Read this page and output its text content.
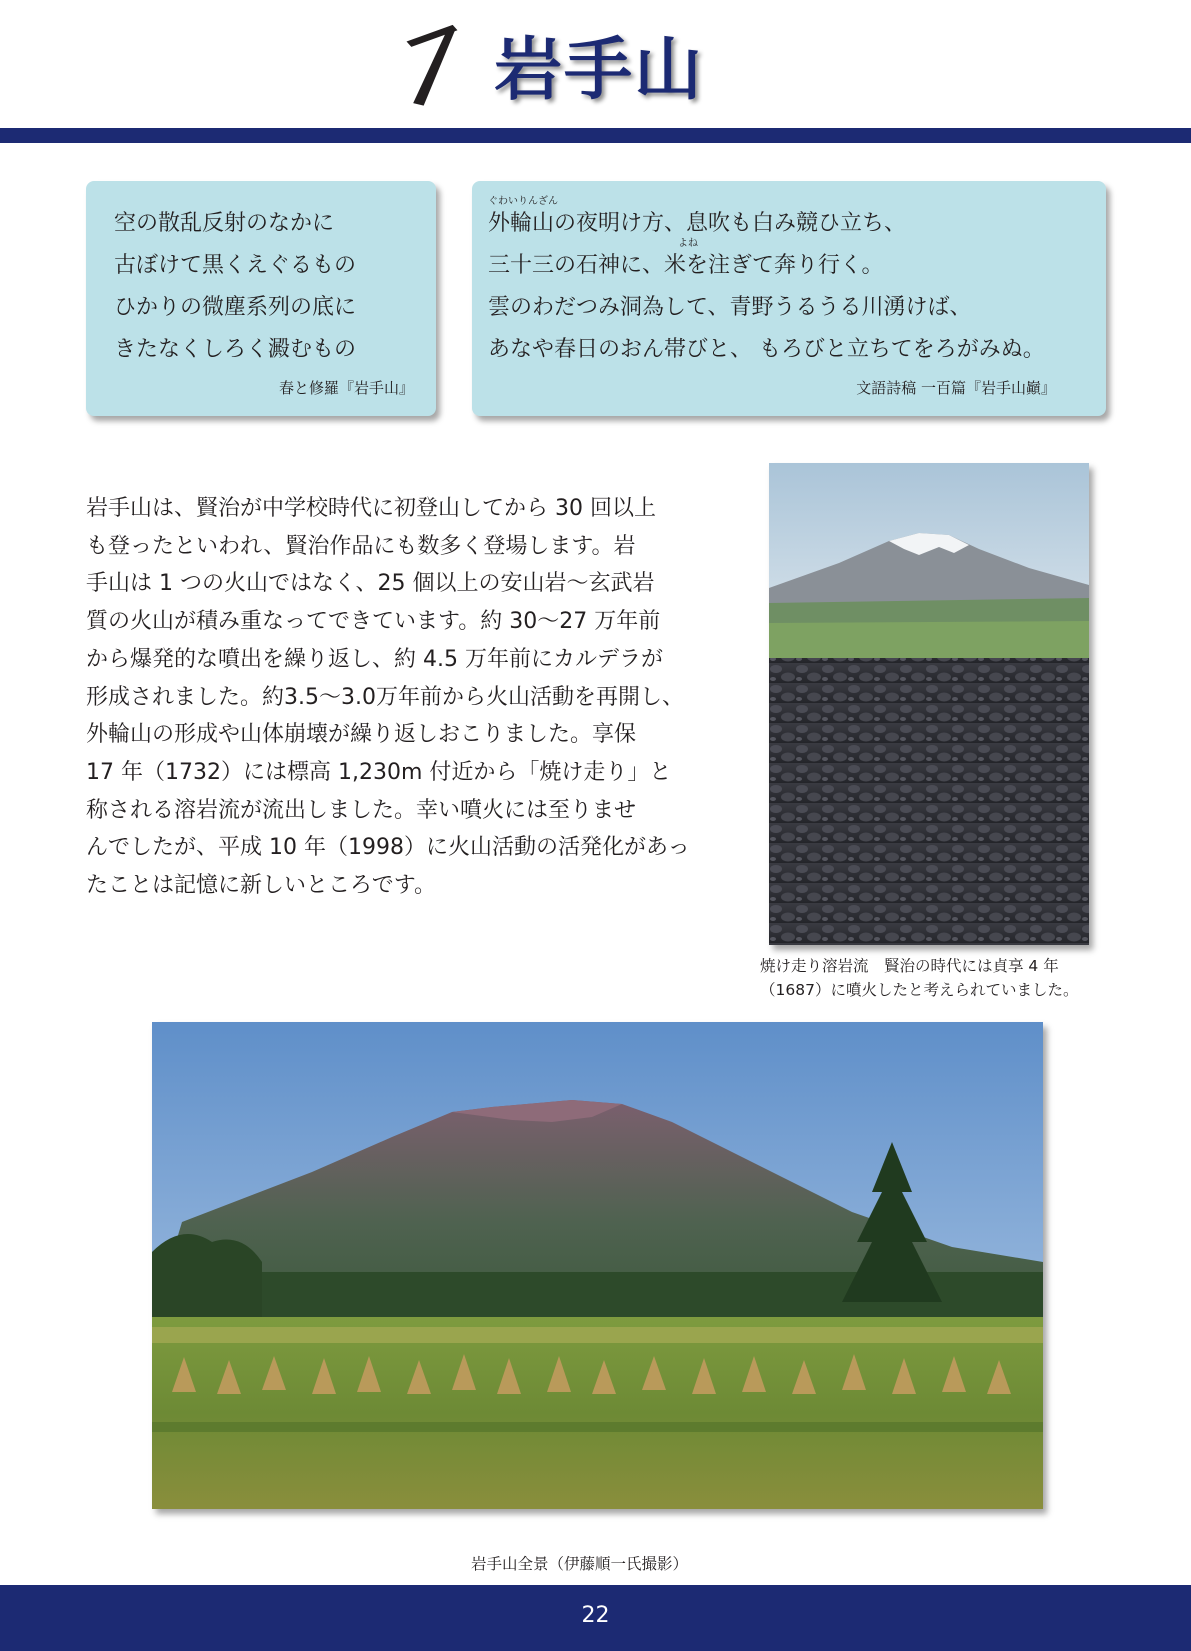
岩手山
空の散乱反射のなかに
古ぼけて黒くえぐるもの
ひかりの微塵系列の底に
きたなくしろく澱むもの
春と修羅『岩手山』
ぐわいりんざん
外輪山の夜明け方、息吹も白み競ひ立ち、
よね
三十三の石神に、米を注ぎて奔り行く。
雲のわだつみ洞為して、青野うるうる川湧けば、
あなや春日のおん帯びと、 もろびと立ちてをろがみぬ。
文語詩稿 一百篇『岩手山巓』
岩手山は、賢治が中学校時代に初登山してから 30 回以上
も登ったといわれ、賢治作品にも数多く登場します。岩
手山は 1 つの火山ではなく、25 個以上の安山岩〜玄武岩
質の火山が積み重なってできています。約 30〜27 万年前
から爆発的な噴出を繰り返し、約 4.5 万年前にカルデラが
形成されました。約3.5〜3.0万年前から火山活動を再開し、
外輪山の形成や山体崩壊が繰り返しおこりました。享保
17 年（1732）には標高 1,230m 付近から「焼け走り」と
称される溶岩流が流出しました。幸い噴火には至りませ
んでしたが、平成 10 年（1998）に火山活動の活発化があっ
たことは記憶に新しいところです。
焼け走り溶岩流　賢治の時代には貞享 4 年
（1687）に噴火したと考えられていました。
岩手山全景（伊藤順一氏撮影）
22
